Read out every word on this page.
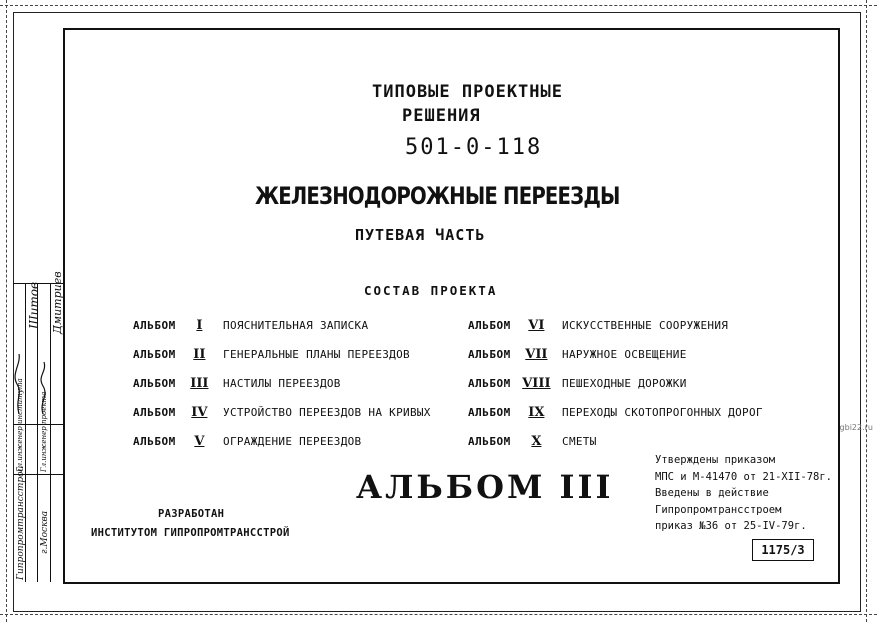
Гипропромтрансстрой г.Москва
Гл.инженер института Гл.инженер проекта
Шитов Дмитриев
ТИПОВЫЕ ПРОЕКТНЫЕ
РЕШЕНИЯ
501-0-118
ЖЕЛЕЗНОДОРОЖНЫЕ ПЕРЕЕЗДЫ
ПУТЕВАЯ ЧАСТЬ
СОСТАВ ПРОЕКТА
АЛЬБОМ I ПОЯСНИТЕЛЬНАЯ ЗАПИСКА
АЛЬБОМ II ГЕНЕРАЛЬНЫЕ ПЛАНЫ ПЕРЕЕЗДОВ
АЛЬБОМ III НАСТИЛЫ ПЕРЕЕЗДОВ
АЛЬБОМ IV УСТРОЙСТВО ПЕРЕЕЗДОВ НА КРИВЫХ
АЛЬБОМ V ОГРАЖДЕНИЕ ПЕРЕЕЗДОВ
АЛЬБОМ VI ИСКУССТВЕННЫЕ СООРУЖЕНИЯ
АЛЬБОМ VII НАРУЖНОЕ ОСВЕЩЕНИЕ
АЛЬБОМ VIII ПЕШЕХОДНЫЕ ДОРОЖКИ
АЛЬБОМ IX ПЕРЕХОДЫ СКОТОПРОГОННЫХ ДОРОГ
АЛЬБОМ X СМЕТЫ
АЛЬБОМ III
РАЗРАБОТАН
ИНСТИТУТОМ ГИПРОПРОМТРАНССТРОЙ
Утверждены приказом
МПС и М-41470 от 21-XII-78г.
Введены в действие
Гипропромтрансстроем
приказ №36 от 25-IV-79г.
1175/3
gbi22.ru
